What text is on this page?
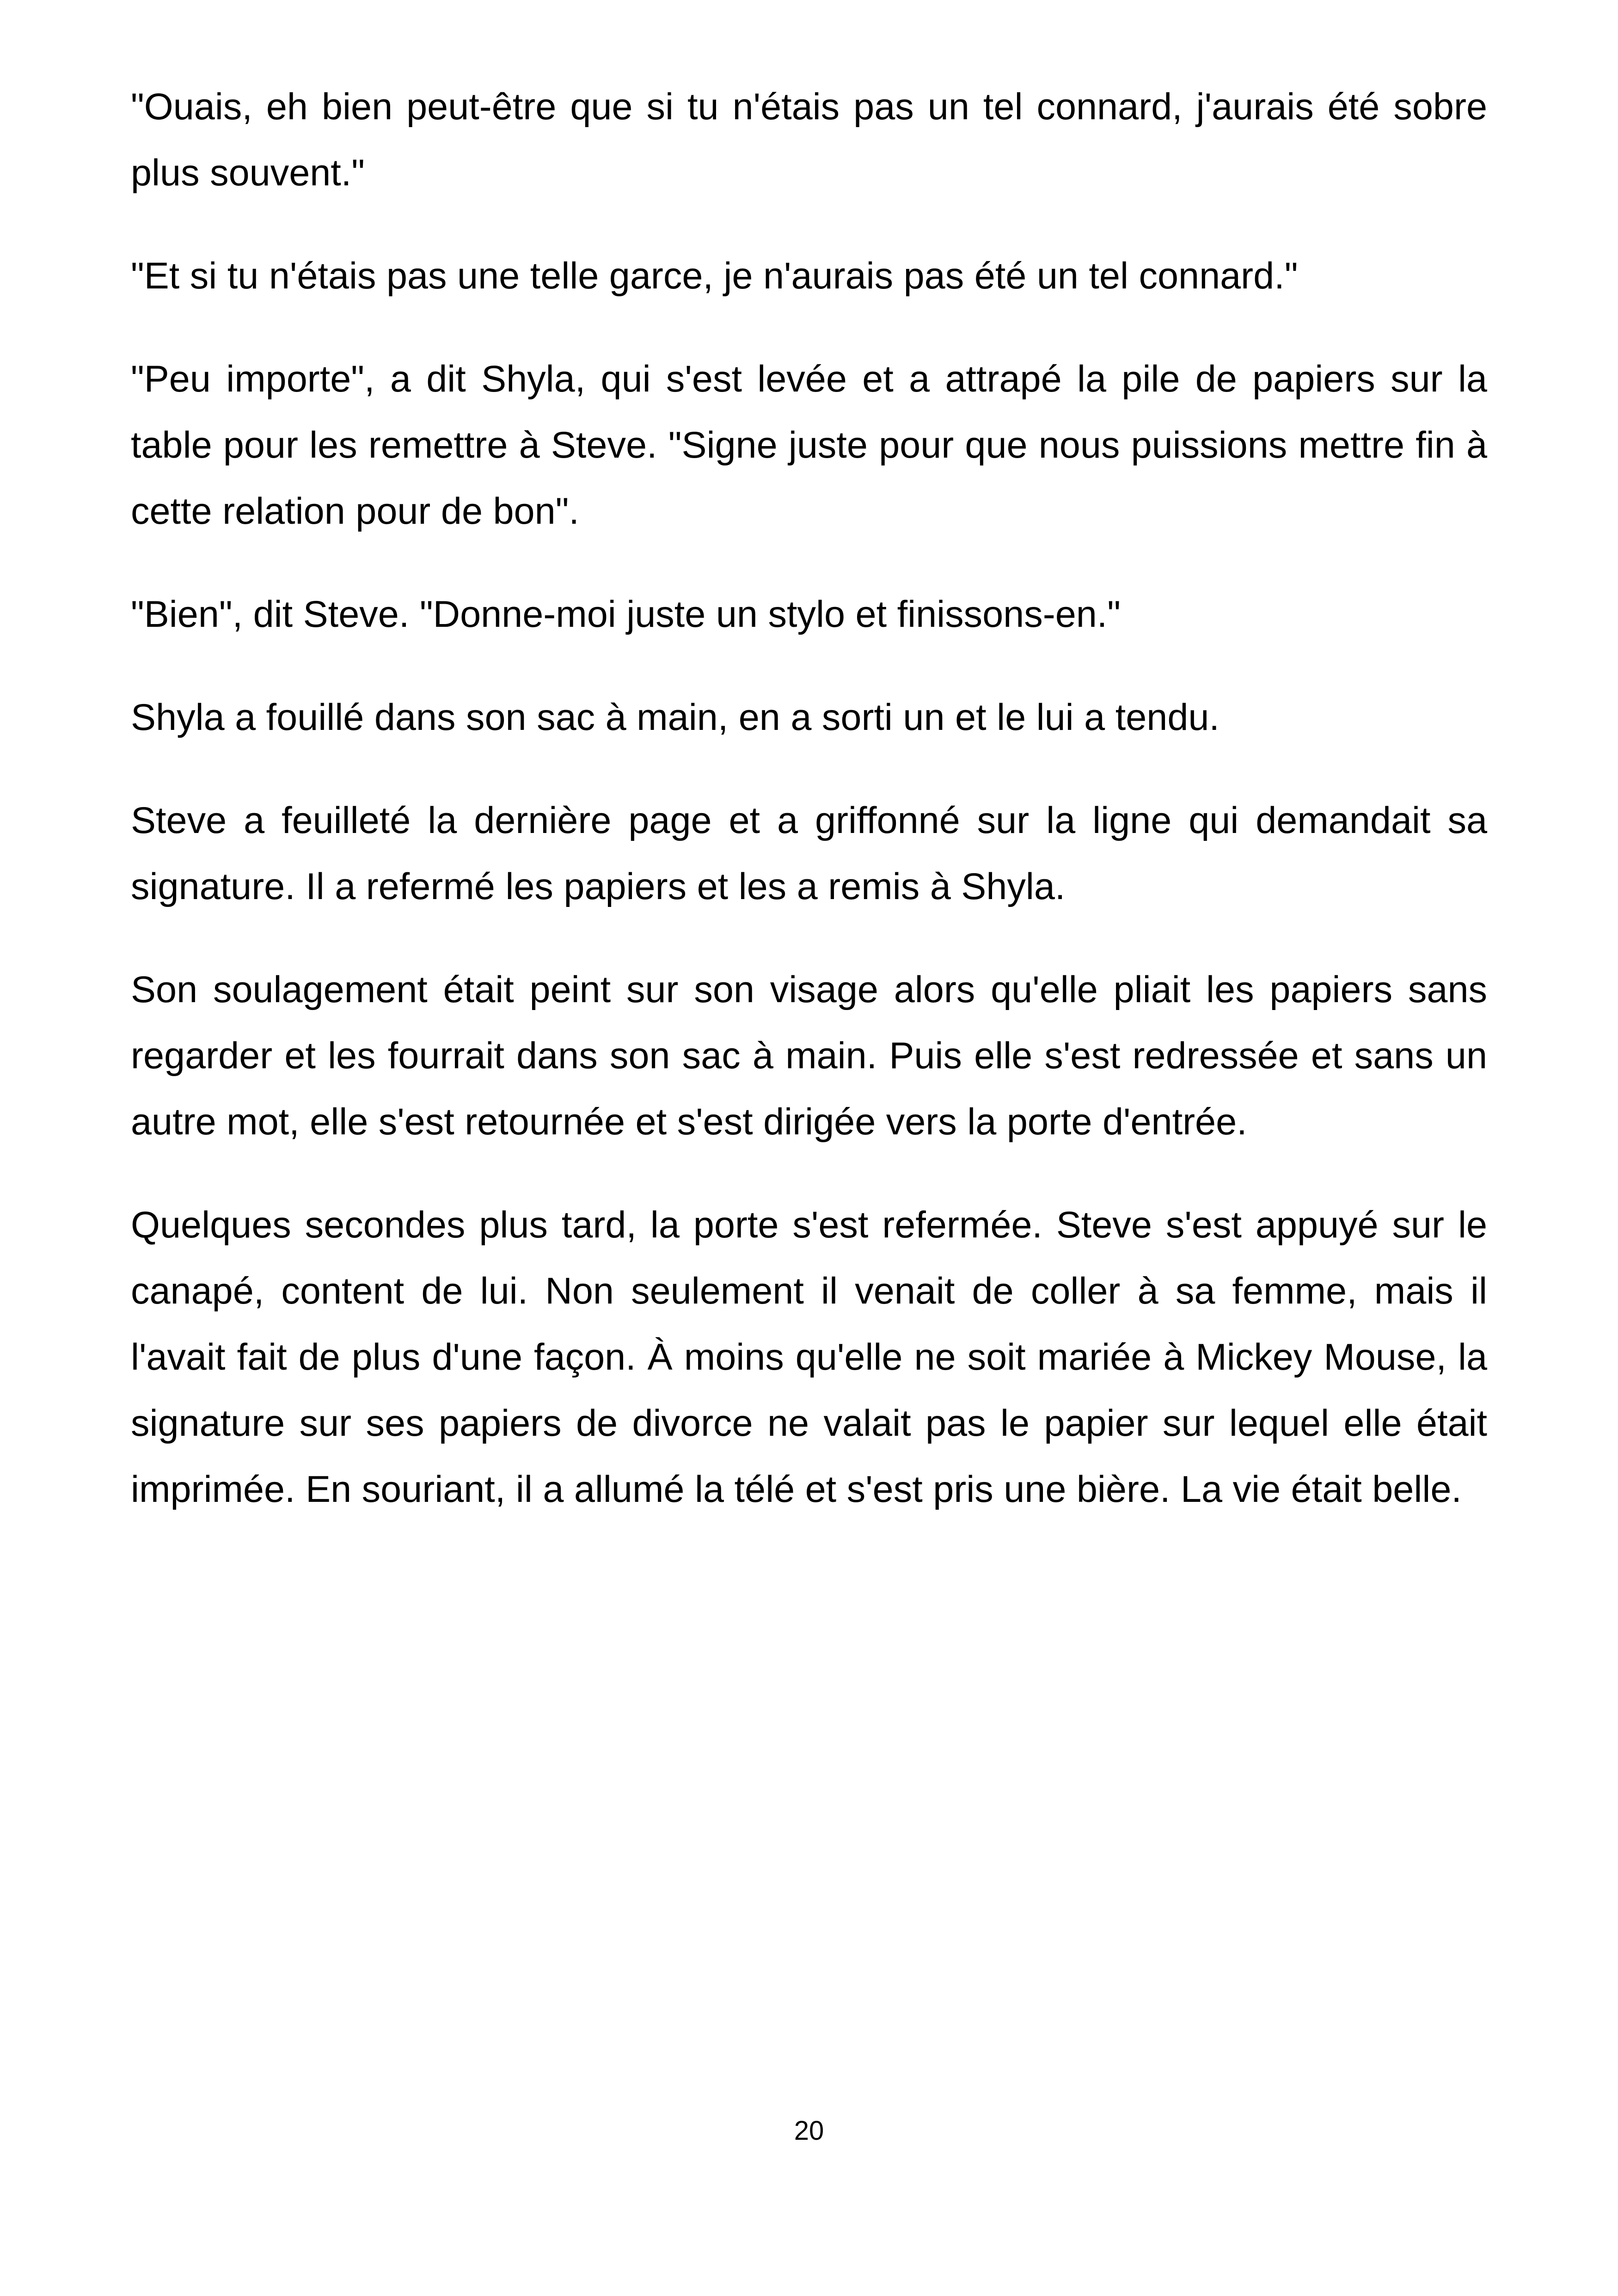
"Ouais, eh bien peut-être que si tu n'étais pas un tel connard, j'aurais été sobre plus souvent."

"Et si tu n'étais pas une telle garce, je n'aurais pas été un tel connard."

"Peu importe", a dit Shyla, qui s'est levée et a attrapé la pile de papiers sur la table pour les remettre à Steve. "Signe juste pour que nous puissions mettre fin à cette relation pour de bon".

"Bien", dit Steve. "Donne-moi juste un stylo et finissons-en."

Shyla a fouillé dans son sac à main, en a sorti un et le lui a tendu.

Steve a feuilleté la dernière page et a griffonné sur la ligne qui demandait sa signature. Il a refermé les papiers et les a remis à Shyla.

Son soulagement était peint sur son visage alors qu'elle pliait les papiers sans regarder et les fourrait dans son sac à main. Puis elle s'est redressée et sans un autre mot, elle s'est retournée et s'est dirigée vers la porte d'entrée.

Quelques secondes plus tard, la porte s'est refermée. Steve s'est appuyé sur le canapé, content de lui. Non seulement il venait de coller à sa femme, mais il l'avait fait de plus d'une façon. À moins qu'elle ne soit mariée à Mickey Mouse, la signature sur ses papiers de divorce ne valait pas le papier sur lequel elle était imprimée. En souriant, il a allumé la télé et s'est pris une bière. La vie était belle.

20
